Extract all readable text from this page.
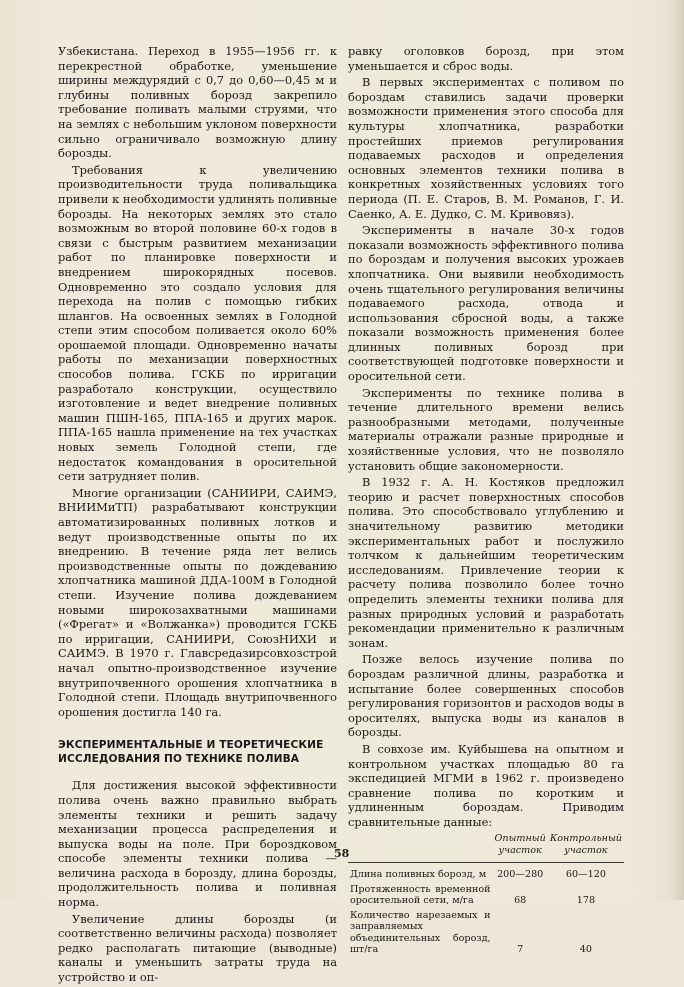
Узбекистана. Переход в 1955—1956 гг. к перекрестной обработке, уменьшение ширины междурядий с 0,7 до 0,60—0,45 м и глубины поливных борозд закрепило требование поливать малыми струями, что на землях с небольшим уклоном поверхности сильно ограничивало возможную длину борозды.

Требования к увеличению производительности труда поливальщика привели к необходимости удлинять поливные борозды. На некоторых землях это стало возможным во второй половине 60-х годов в связи с быстрым развитием механизации работ по планировке поверхности и внедрением широкорядных посевов. Одновременно это создало условия для перехода на полив с помощью гибких шлангов. На освоенных землях в Голодной степи этим способом поливается около 60% орошаемой площади. Одновременно начаты работы по механизации поверхностных способов полива. ГСКБ по ирригации разработало конструкции, осуществило изготовление и ведет внедрение поливных машин ПШН-165, ППА-165 и других марок. ППА-165 нашла применение на тех участках новых земель Голодной степи, где недостаток командования в оросительной сети затрудняет полив.

Многие организации (САНИИРИ, САИМЭ, ВНИИМиТП) разрабатывают конструкции автоматизированных поливных лотков и ведут производственные опыты по их внедрению. В течение ряда лет велись производственные опыты по дождеванию хлопчатника машиной ДДА-100М в Голодной степи. Изучение полива дождеванием новыми широкозахватными машинами («Фрегат» и «Волжанка») проводится ГСКБ по ирригации, САНИИРИ, СоюзНИХИ и САИМЭ. В 1970 г. Главсредазирсовхозстрой начал опытно-производственное изучение внутрипочвенного орошения хлопчатника в Голодной степи. Площадь внутрипочвенного орошения достигла 140 га.

ЭКСПЕРИМЕНТАЛЬНЫЕ И ТЕОРЕТИЧЕСКИЕ ИССЛЕДОВАНИЯ ПО ТЕХНИКЕ ПОЛИВА

Для достижения высокой эффективности полива очень важно правильно выбрать элементы техники и решить задачу механизации процесса распределения и выпуска воды на поле. При бороздковом способе элементы техники полива — величина расхода в борозду, длина борозды, продолжительность полива и поливная норма.

Увеличение длины борозды (и соответственно величины расхода) позволяет редко располагать питающие (выводные) каналы и уменьшить затраты труда на устройство и оп-

равку оголовков борозд, при этом уменьшается и сброс воды.

В первых экспериментах с поливом по бороздам ставились задачи проверки возможности применения этого способа для культуры хлопчатника, разработки простейших приемов регулирования подаваемых расходов и определения основных элементов техники полива в конкретных хозяйственных условиях того периода (П. Е. Старов, В. М. Романов, Г. И. Саенко, А. Е. Дудко, С. М. Кривовяз).

Эксперименты в начале 30-х годов показали возможность эффективного полива по бороздам и получения высоких урожаев хлопчатника. Они выявили необходимость очень тщательного регулирования величины подаваемого расхода, отвода и использования сбросной воды, а также показали возможность применения более длинных поливных борозд при соответствующей подготовке поверхности и оросительной сети.

Эксперименты по технике полива в течение длительного времени велись разнообразными методами, полученные материалы отражали разные природные и хозяйственные условия, что не позволяло установить общие закономерности.

В 1932 г. А. Н. Костяков предложил теорию и расчет поверхностных способов полива. Это способствовало углублению и значительному развитию методики экспериментальных работ и послужило толчком к дальнейшим теоретическим исследованиям. Привлечение теории к расчету полива позволило более точно определить элементы техники полива для разных природных условий и разработать рекомендации применительно к различным зонам.

Позже велось изучение полива по бороздам различной длины, разработка и испытание более совершенных способов регулирования горизонтов и расходов воды в оросителях, выпуска воды из каналов в борозды.

В совхозе им. Куйбышева на опытном и контрольном участках площадью 80 га экспедицией МГМИ в 1962 г. произведено сравнение полива по коротким и удлиненным бороздам. Приводим сравнительные данные:

	Опытный участок	Контрольный участок
Длина поливных борозд, м	200—280	60—120
Протяженность временной оросительной сети, м/га	68	178
Количество нарезаемых и заправляемых объединительных борозд, шт/га	7	40
58
